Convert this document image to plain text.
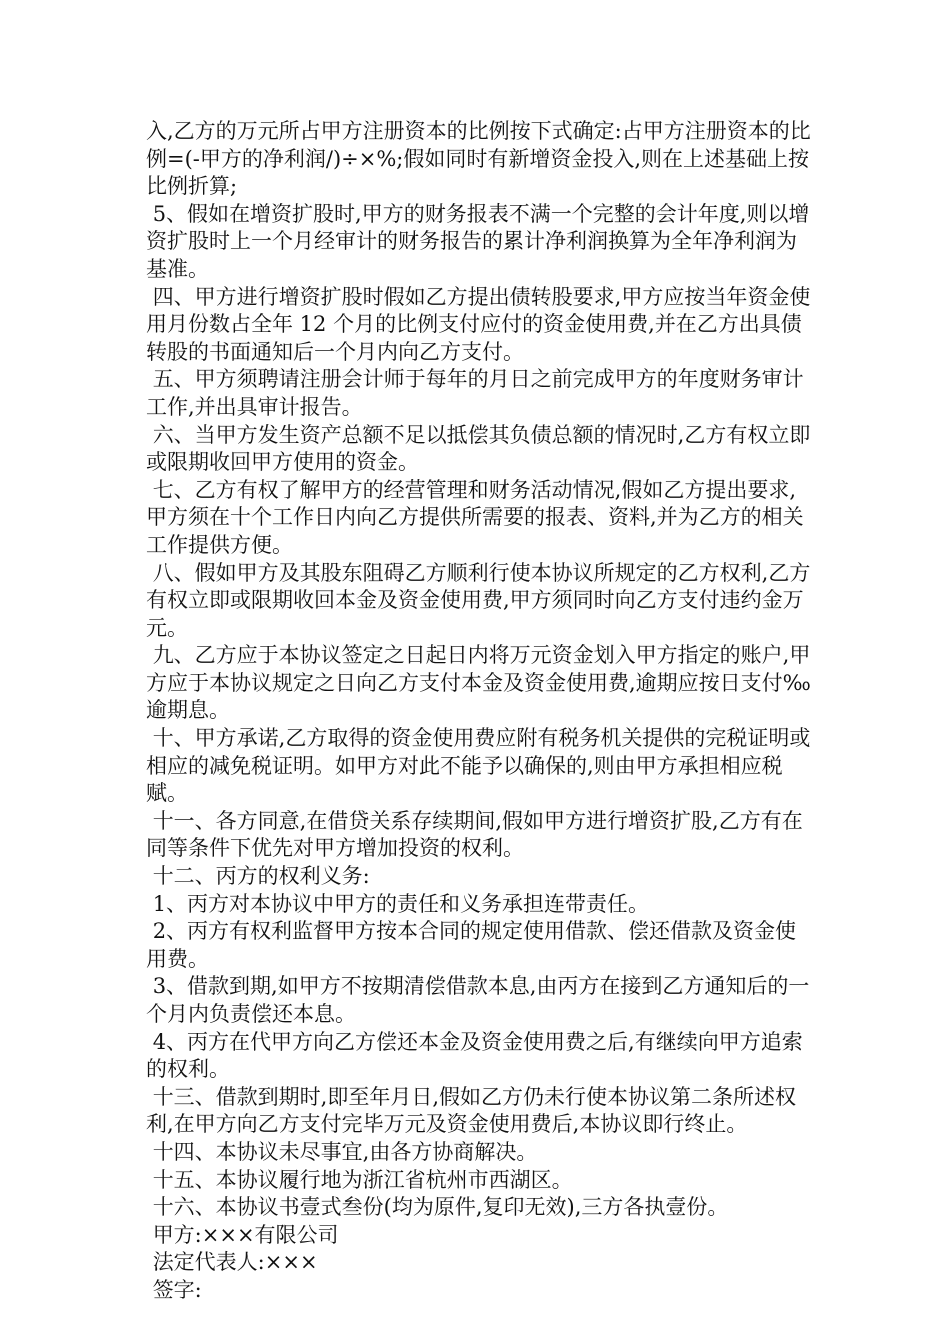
入,乙方的万元所占甲方注册资本的比例按下式确定:占甲方注册资本的比例=(-甲方的净利润/)÷×%;假如同时有新增资金投入,则在上述基础上按比例折算;

5、假如在增资扩股时,甲方的财务报表不满一个完整的会计年度,则以增资扩股时上一个月经审计的财务报告的累计净利润换算为全年净利润为基准。

四、甲方进行增资扩股时假如乙方提出债转股要求,甲方应按当年资金使用月份数占全年 12 个月的比例支付应付的资金使用费,并在乙方出具债转股的书面通知后一个月内向乙方支付。

五、甲方须聘请注册会计师于每年的月日之前完成甲方的年度财务审计工作,并出具审计报告。

六、当甲方发生资产总额不足以抵偿其负债总额的情况时,乙方有权立即或限期收回甲方使用的资金。

七、乙方有权了解甲方的经营管理和财务活动情况,假如乙方提出要求,甲方须在十个工作日内向乙方提供所需要的报表、资料,并为乙方的相关工作提供方便。

八、假如甲方及其股东阻碍乙方顺利行使本协议所规定的乙方权利,乙方有权立即或限期收回本金及资金使用费,甲方须同时向乙方支付违约金万元。

九、乙方应于本协议签定之日起日内将万元资金划入甲方指定的账户,甲方应于本协议规定之日向乙方支付本金及资金使用费,逾期应按日支付‰逾期息。

十、甲方承诺,乙方取得的资金使用费应附有税务机关提供的完税证明或相应的减免税证明。如甲方对此不能予以确保的,则由甲方承担相应税赋。

十一、各方同意,在借贷关系存续期间,假如甲方进行增资扩股,乙方有在同等条件下优先对甲方增加投资的权利。

十二、丙方的权利义务:

1、丙方对本协议中甲方的责任和义务承担连带责任。

2、丙方有权利监督甲方按本合同的规定使用借款、偿还借款及资金使用费。

3、借款到期,如甲方不按期清偿借款本息,由丙方在接到乙方通知后的一个月内负责偿还本息。

4、丙方在代甲方向乙方偿还本金及资金使用费之后,有继续向甲方追索的权利。

十三、借款到期时,即至年月日,假如乙方仍未行使本协议第二条所述权利,在甲方向乙方支付完毕万元及资金使用费后,本协议即行终止。

十四、本协议未尽事宜,由各方协商解决。

十五、本协议履行地为浙江省杭州市西湖区。

十六、本协议书壹式叁份(均为原件,复印无效),三方各执壹份。

甲方:×××有限公司

法定代表人:×××

签字:
